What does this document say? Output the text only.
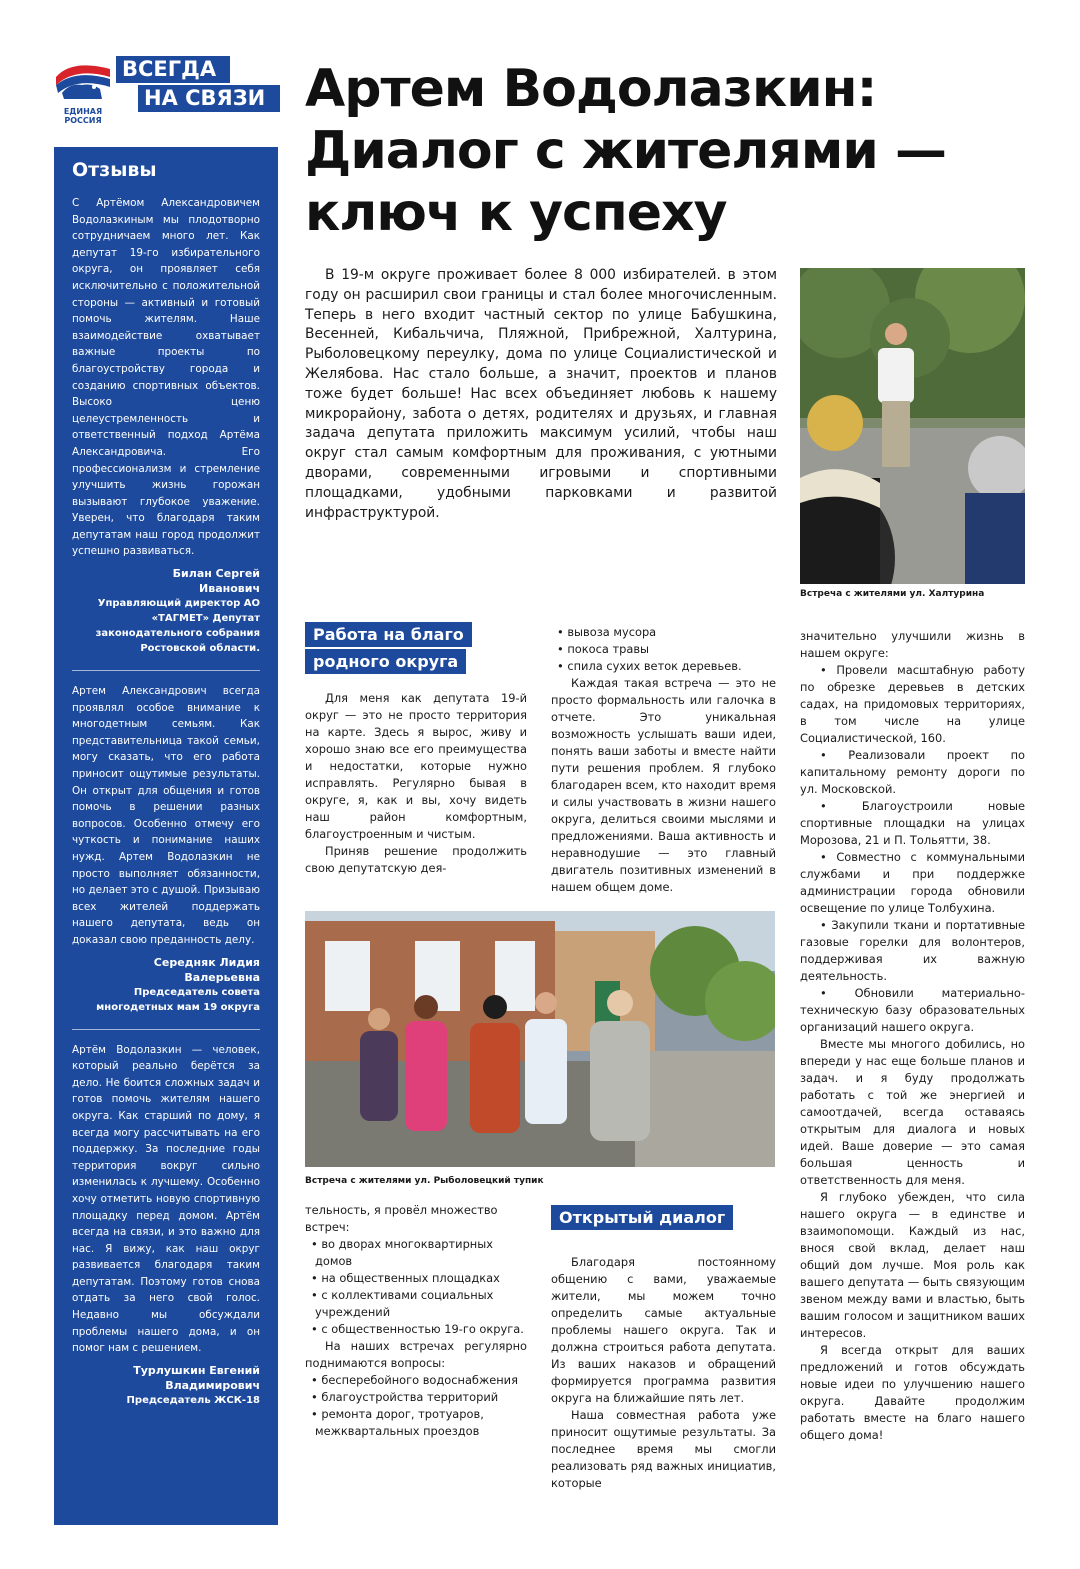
ЕДИНАЯ
РОССИЯ
ВСЕГДА
НА СВЯЗИ Артем Водолазкин:
Диалог с жителями —
ключ к успеху
Отзывы
С Артёмом Александровичем Водолазкиным мы плодотворно сотрудничаем много лет. Как депутат 19-го избирательного округа, он проявляет себя исключительно с положительной стороны — активный и готовый помочь жителям. Наше взаимодействие охватывает важные проекты по благоустройству города и созданию спортивных объектов. Высоко ценю целеустремленность и ответственный подход Артёма Александровича. Его профессионализм и стремление улучшить жизнь горожан вызывают глубокое уважение. Уверен, что благодаря таким депутатам наш город продолжит успешно развиваться.
Билан Сергей
Иванович
Управляющий директор АО «ТАГМЕТ» Депутат законодательного собрания Ростовской области.
Артем Александрович всегда проявлял особое внимание к многодетным семьям. Как представительница такой семьи, могу сказать, что его работа приносит ощутимые результаты. Он открыт для общения и готов помочь в решении разных вопросов. Особенно отмечу его чуткость и понимание наших нужд. Артем Водолазкин не просто выполняет обязанности, но делает это с душой. Призываю всех жителей поддержать нашего депутата, ведь он доказал свою преданность делу.
Середняк Лидия
Валерьевна
Председатель совета многодетных мам 19 округа
Артём Водолазкин — человек, который реально берётся за дело. Не боится сложных задач и готов помочь жителям нашего округа. Как старший по дому, я всегда могу рассчитывать на его поддержку. За последние годы территория вокруг сильно изменилась к лучшему. Особенно хочу отметить новую спортивную площадку перед домом. Артём всегда на связи, и это важно для нас. Я вижу, как наш округ развивается благодаря таким депутатам. Поэтому готов снова отдать за него свой голос. Недавно мы обсуждали проблемы нашего дома, и он помог нам с решением.
Турлушкин Евгений
Владимирович
Председатель ЖСК-18
В 19-м округе проживает более 8 000 избирателей. в этом году он расширил свои границы и стал более многочисленным. Теперь в него входит частный сектор по улице Бабушкина, Весенней, Кибальчича, Пляжной, Прибрежной, Халтурина, Рыболовецкому переулку, дома по улице Социалистической и Желябова. Нас стало больше, а значит, проектов и планов тоже будет больше! Нас всех объединяет любовь к нашему микрорайону, забота о детях, родителях и друзьях, и главная задача депутата приложить максимум усилий, чтобы наш округ стал самым комфортным для проживания, с уютными дворами, современными игровыми и спортивными площадками, удобными парковками и развитой инфраструктурой.
Встреча с жителями ул. Халтурина
Работа на благо
родного округа
Для меня как депутата 19-й округ — это не просто территория на карте. Здесь я вырос, живу и хорошо знаю все его преимущества и недостатки, которые нужно исправлять. Регулярно бывая в округе, я, как и вы, хочу видеть наш район комфортным, благоустроенным и чистым.
Приняв решение продолжить свою депутатскую дея-
• вывоза мусора
• покоса травы
• спила сухих веток деревьев.
Каждая такая встреча — это не просто формальность или галочка в отчете. Это уникальная возможность услышать ваши идеи, понять ваши заботы и вместе найти пути решения проблем. Я глубоко благодарен всем, кто находит время и силы участвовать в жизни нашего округа, делиться своими мыслями и предложениями. Ваша активность и неравнодушие — это главный двигатель позитивных изменений в нашем общем доме.
значительно улучшили жизнь в нашем округе:
• Провели масштабную работу по обрезке деревьев в детских садах, на придомовых территориях, в том числе на улице Социалистической, 160.
• Реализовали проект по капитальному ремонту дороги по ул. Московской.
• Благоустроили новые спортивные площадки на улицах Морозова, 21 и П. Тольятти, 38.
• Совместно с коммунальными службами и при поддержке администрации города обновили освещение по улице Толбухина.
• Закупили ткани и портативные газовые горелки для волонтеров, поддерживая их важную деятельность.
• Обновили материально-техническую базу образовательных организаций нашего округа.
Вместе мы многого добились, но впереди у нас еще больше планов и задач. и я буду продолжать работать с той же энергией и самоотдачей, всегда оставаясь открытым для диалога и новых идей. Ваше доверие — это самая большая ценность и ответственность для меня.
Я глубоко убежден, что сила нашего округа — в единстве и взаимопомощи. Каждый из нас, внося свой вклад, делает наш общий дом лучше. Моя роль как вашего депутата — быть связующим звеном между вами и властью, быть вашим голосом и защитником ваших интересов.
Я всегда открыт для ваших предложений и готов обсуждать новые идеи по улучшению нашего округа. Давайте продолжим работать вместе на благо нашего общего дома!
Встреча с жителями ул. Рыболовецкий тупик
тельность, я провёл множество встреч:
• во дворах многоквартирных домов
• на общественных площадках
• с коллективами социальных учреждений
• с общественностью 19-го округа.
На наших встречах регулярно поднимаются вопросы:
• бесперебойного водоснабжения
• благоустройства территорий
• ремонта дорог, тротуаров, межквартальных проездов
Открытый диалог
Благодаря постоянному общению с вами, уважаемые жители, мы можем точно определить самые актуальные проблемы нашего округа. Так и должна строиться работа депутата. Из ваших наказов и обращений формируется программа развития округа на ближайшие пять лет.
Наша совместная работа уже приносит ощутимые результаты. За последнее время мы смогли реализовать ряд важных инициатив, которые
